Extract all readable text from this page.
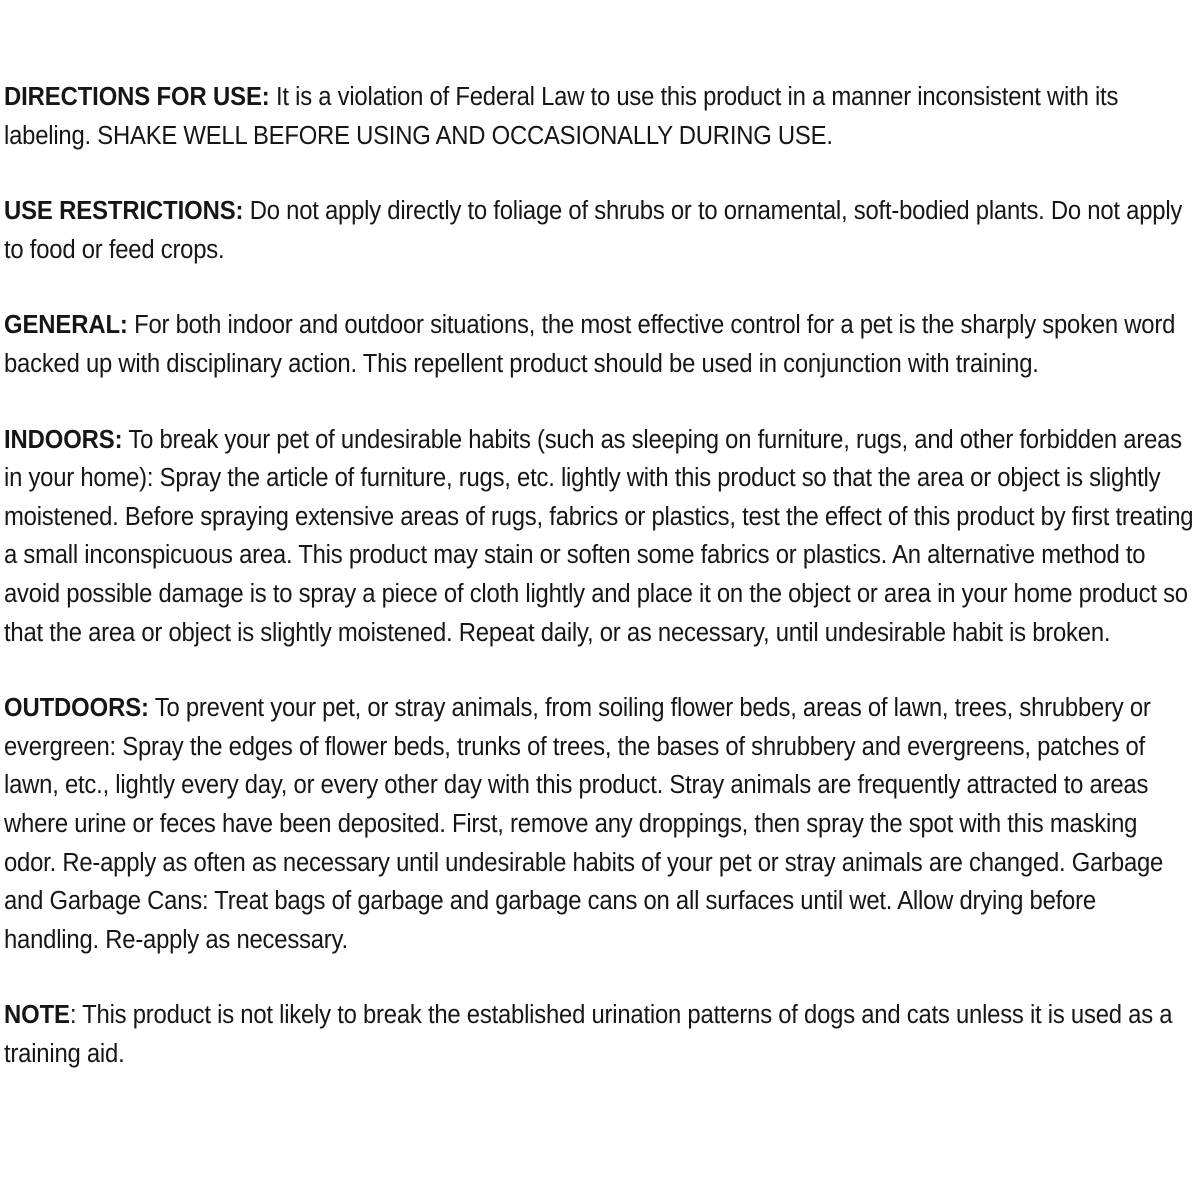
DIRECTIONS FOR USE: It is a violation of Federal Law to use this product in a manner inconsistent with its labeling. SHAKE WELL BEFORE USING AND OCCASIONALLY DURING USE.

USE RESTRICTIONS: Do not apply directly to foliage of shrubs or to ornamental, soft-bodied plants. Do not apply to food or feed crops.

GENERAL: For both indoor and outdoor situations, the most effective control for a pet is the sharply spoken word backed up with disciplinary action. This repellent product should be used in conjunction with training.

INDOORS: To break your pet of undesirable habits (such as sleeping on furniture, rugs, and other forbidden areas in your home): Spray the article of furniture, rugs, etc. lightly with this product so that the area or object is slightly moistened. Before spraying extensive areas of rugs, fabrics or plastics, test the effect of this product by first treating a small inconspicuous area. This product may stain or soften some fabrics or plastics. An alternative method to avoid possible damage is to spray a piece of cloth lightly and place it on the object or area in your home product so that the area or object is slightly moistened. Repeat daily, or as necessary, until undesirable habit is broken.

OUTDOORS: To prevent your pet, or stray animals, from soiling flower beds, areas of lawn, trees, shrubbery or evergreen: Spray the edges of flower beds, trunks of trees, the bases of shrubbery and evergreens, patches of lawn, etc., lightly every day, or every other day with this product. Stray animals are frequently attracted to areas where urine or feces have been deposited. First, remove any droppings, then spray the spot with this masking odor. Re-apply as often as necessary until undesirable habits of your pet or stray animals are changed. Garbage and Garbage Cans: Treat bags of garbage and garbage cans on all surfaces until wet. Allow drying before handling. Re-apply as necessary.

NOTE: This product is not likely to break the established urination patterns of dogs and cats unless it is used as a training aid.
